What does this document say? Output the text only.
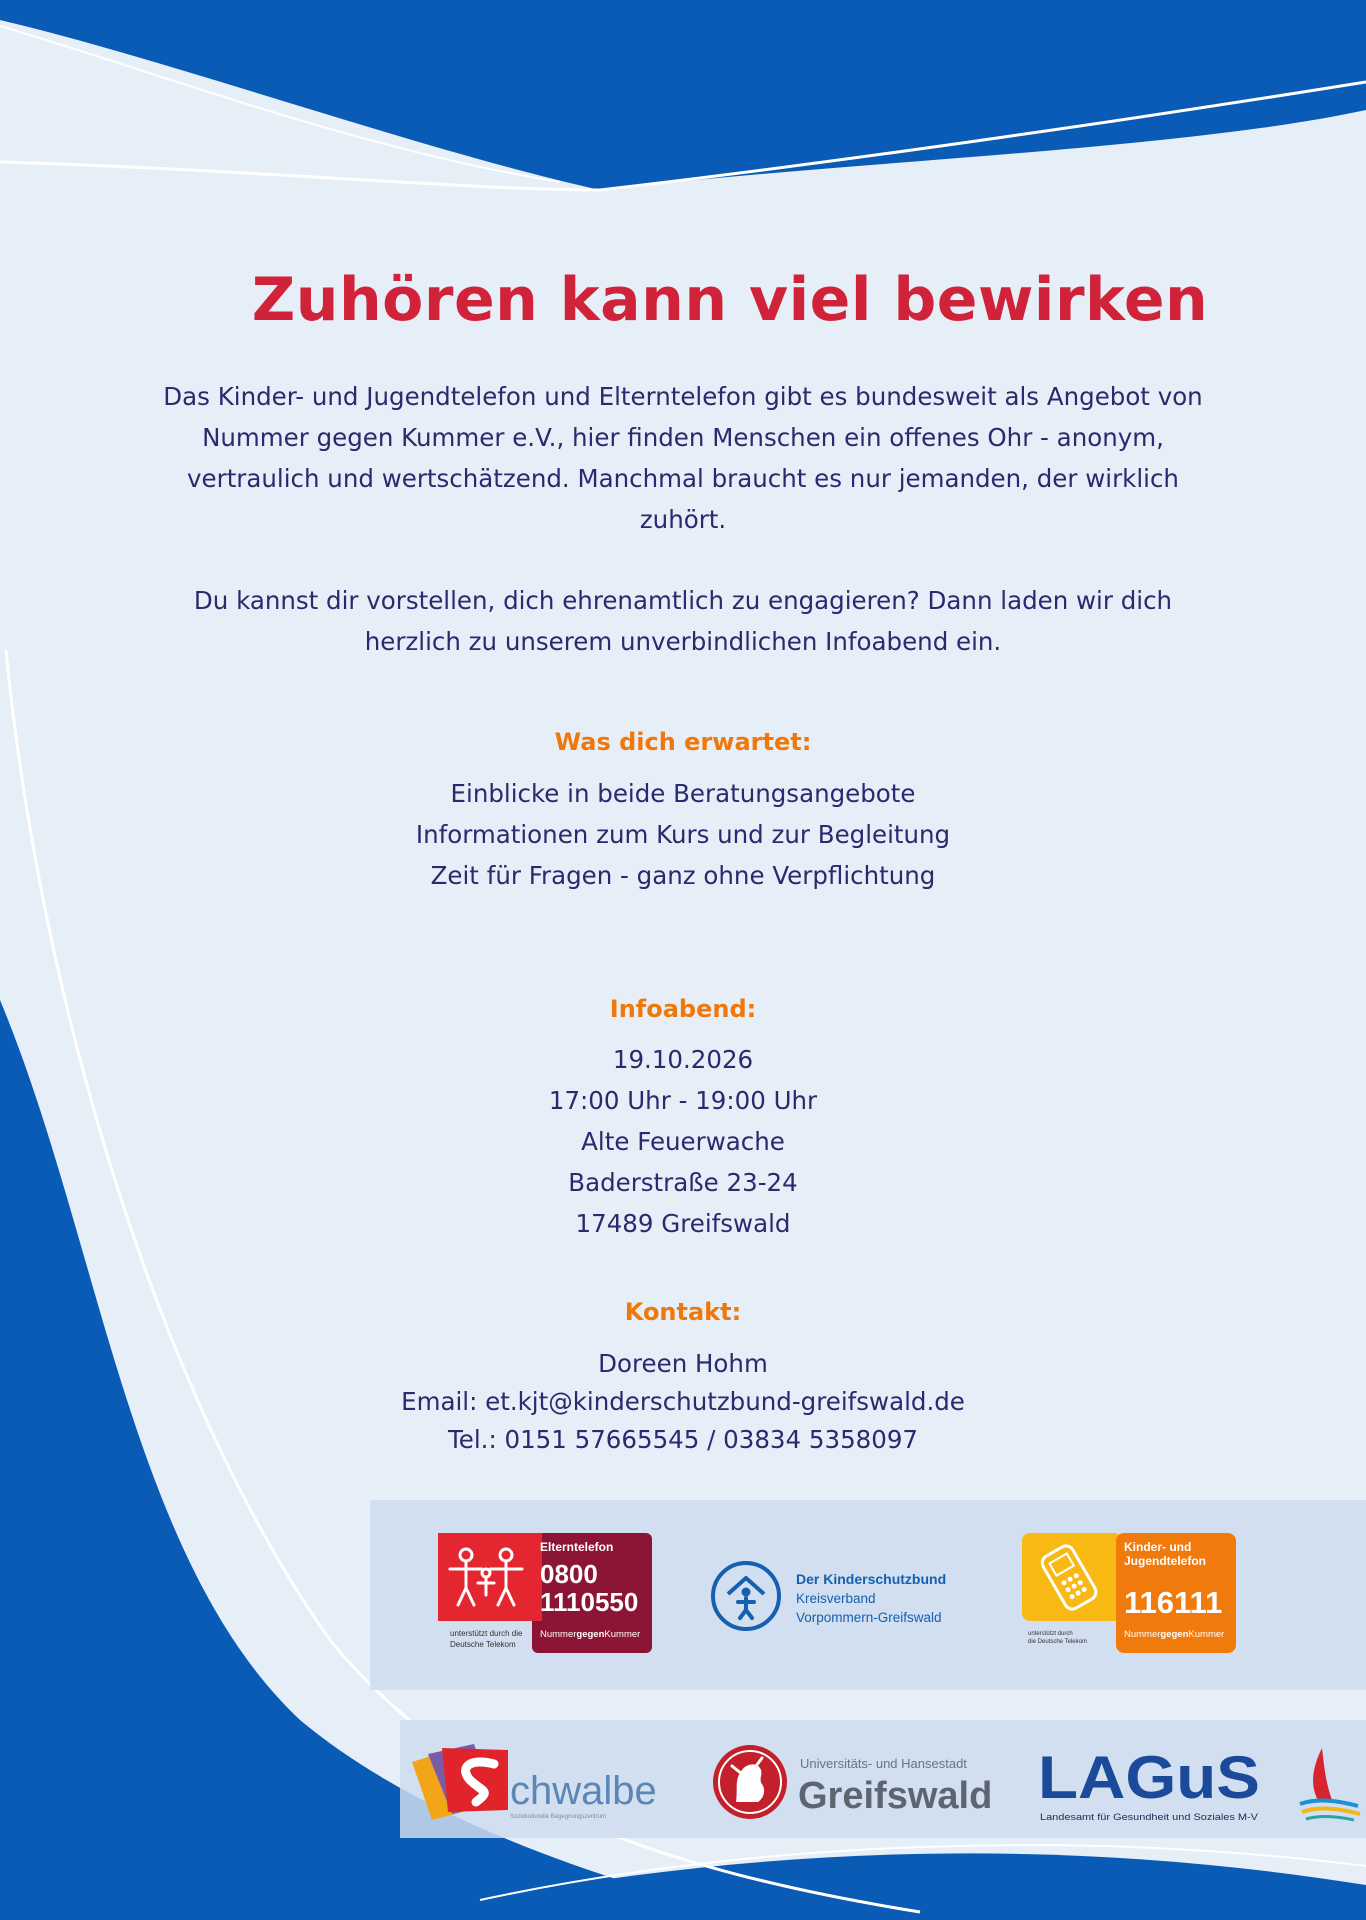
Zuhören kann viel bewirken

Das Kinder- und Jugendtelefon und Elterntelefon gibt es bundesweit als Angebot von Nummer gegen Kummer e.V., hier finden Menschen ein offenes Ohr - anonym, vertraulich und wertschätzend. Manchmal braucht es nur jemanden, der wirklich zuhört.

Du kannst dir vorstellen, dich ehrenamtlich zu engagieren? Dann laden wir dich herzlich zu unserem unverbindlichen Infoabend ein.

Was dich erwartet:
Einblicke in beide Beratungsangebote
Informationen zum Kurs und zur Begleitung
Zeit für Fragen - ganz ohne Verpflichtung
Infoabend:
19.10.2026
17:00 Uhr - 19:00 Uhr
Alte Feuerwache
Baderstraße 23-24
17489 Greifswald
Kontakt:
Doreen Hohm
Email: et.kjt@kinderschutzbund-greifswald.de
Tel.: 0151 57665545 / 03834 5358097
Elterntelefon
0800
1110550
NummergegenKummer
unterstützt durch die
Deutsche Telekom
Der Kinderschutzbund
Kreisverband
Vorpommern-Greifswald
Kinder- und
Jugendtelefon
116111
NummergegenKummer
unterstützt durch
die Deutsche Telekom
chwalbe
Soziokulturelle Begegnungszentrum
Universitäts- und Hansestadt
Greifswald LAGuS
Landesamt für Gesundheit und Soziales M-V
